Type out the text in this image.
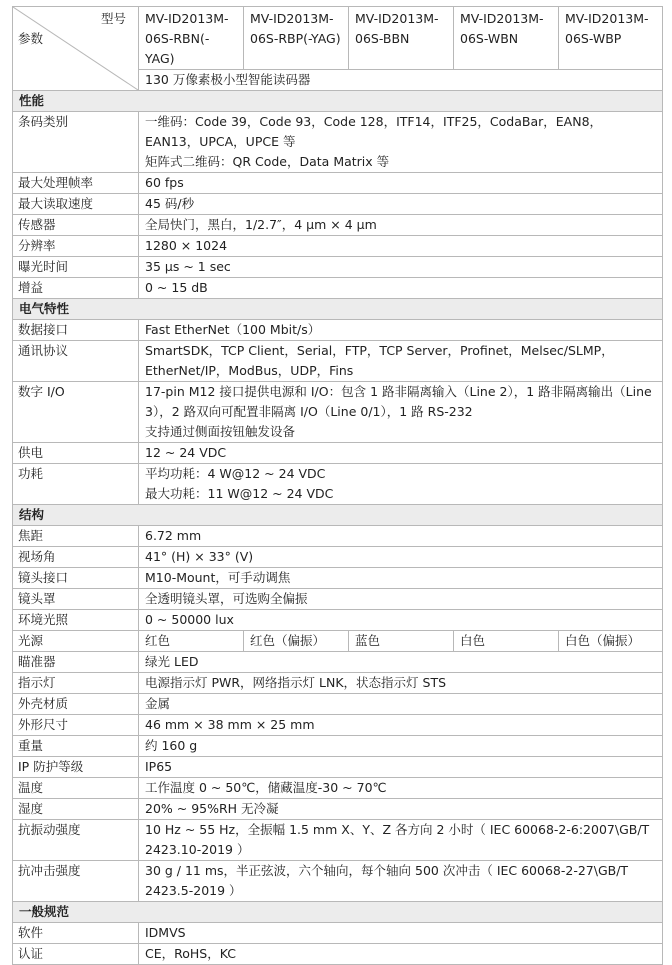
型号
参数	MV-ID2013M-06S-RBN(-YAG)	MV-ID2013M-06S-RBP(-YAG)	MV-ID2013M-06S-BBN	MV-ID2013M-06S-WBN	MV-ID2013M-06S-WBP
	130 万像素极小型智能读码器				
性能					
条码类别	一维码：Code 39，Code 93，Code 128，ITF14，ITF25，CodaBar，EAN8，EAN13，UPCA，UPCE 等
矩阵式二维码：QR Code，Data Matrix 等				

最大处理帧率	60 fps				
最大读取速度	45 码/秒				
传感器	全局快门，黑白，1/2.7″，4 μm × 4 μm				
分辨率	1280 × 1024				
曝光时间	35 μs ~ 1 sec				
增益	0 ~ 15 dB				
电气特性					
数据接口	Fast EtherNet（100 Mbit/s）				
通讯协议	SmartSDK，TCP Client，Serial，FTP，TCP Server，Profinet，Melsec/SLMP，EtherNet/IP，ModBus，UDP，Fins				
数字 I/O	17-pin M12 接口提供电源和 I/O：包含 1 路非隔离输入（Line 2），1 路非隔离输出（Line 3），2 路双向可配置非隔离 I/O（Line 0/1），1 路 RS-232
支持通过侧面按钮触发设备				

供电	12 ~ 24 VDC				
功耗	平均功耗：4 W@12 ~ 24 VDC
最大功耗：11 W@12 ~ 24 VDC				

结构					
焦距	6.72 mm				
视场角	41° (H) × 33° (V)				
镜头接口	M10-Mount，可手动调焦				
镜头罩	全透明镜头罩，可选购全偏振				
环境光照	0 ~ 50000 lux				
光源	红色	红色（偏振）	蓝色	白色	白色（偏振）
瞄准器	绿光 LED				
指示灯	电源指示灯 PWR，网络指示灯 LNK，状态指示灯 STS				
外壳材质	金属				
外形尺寸	46 mm × 38 mm × 25 mm				
重量	约 160 g				
IP 防护等级	IP65				
温度	工作温度 0 ~ 50℃，储藏温度-30 ~ 70℃				
湿度	20% ~ 95%RH 无冷凝				
抗振动强度	10 Hz ~ 55 Hz，全振幅 1.5 mm X、Y、Z 各方向 2 小时（ IEC 60068-2-6:2007\GB/T 2423.10-2019 ）				
抗冲击强度	30 g / 11 ms，半正弦波，六个轴向，每个轴向 500 次冲击（ IEC 60068-2-27\GB/T 2423.5-2019 ）				
一般规范					
软件	IDMVS				
认证	CE，RoHS，KC				
